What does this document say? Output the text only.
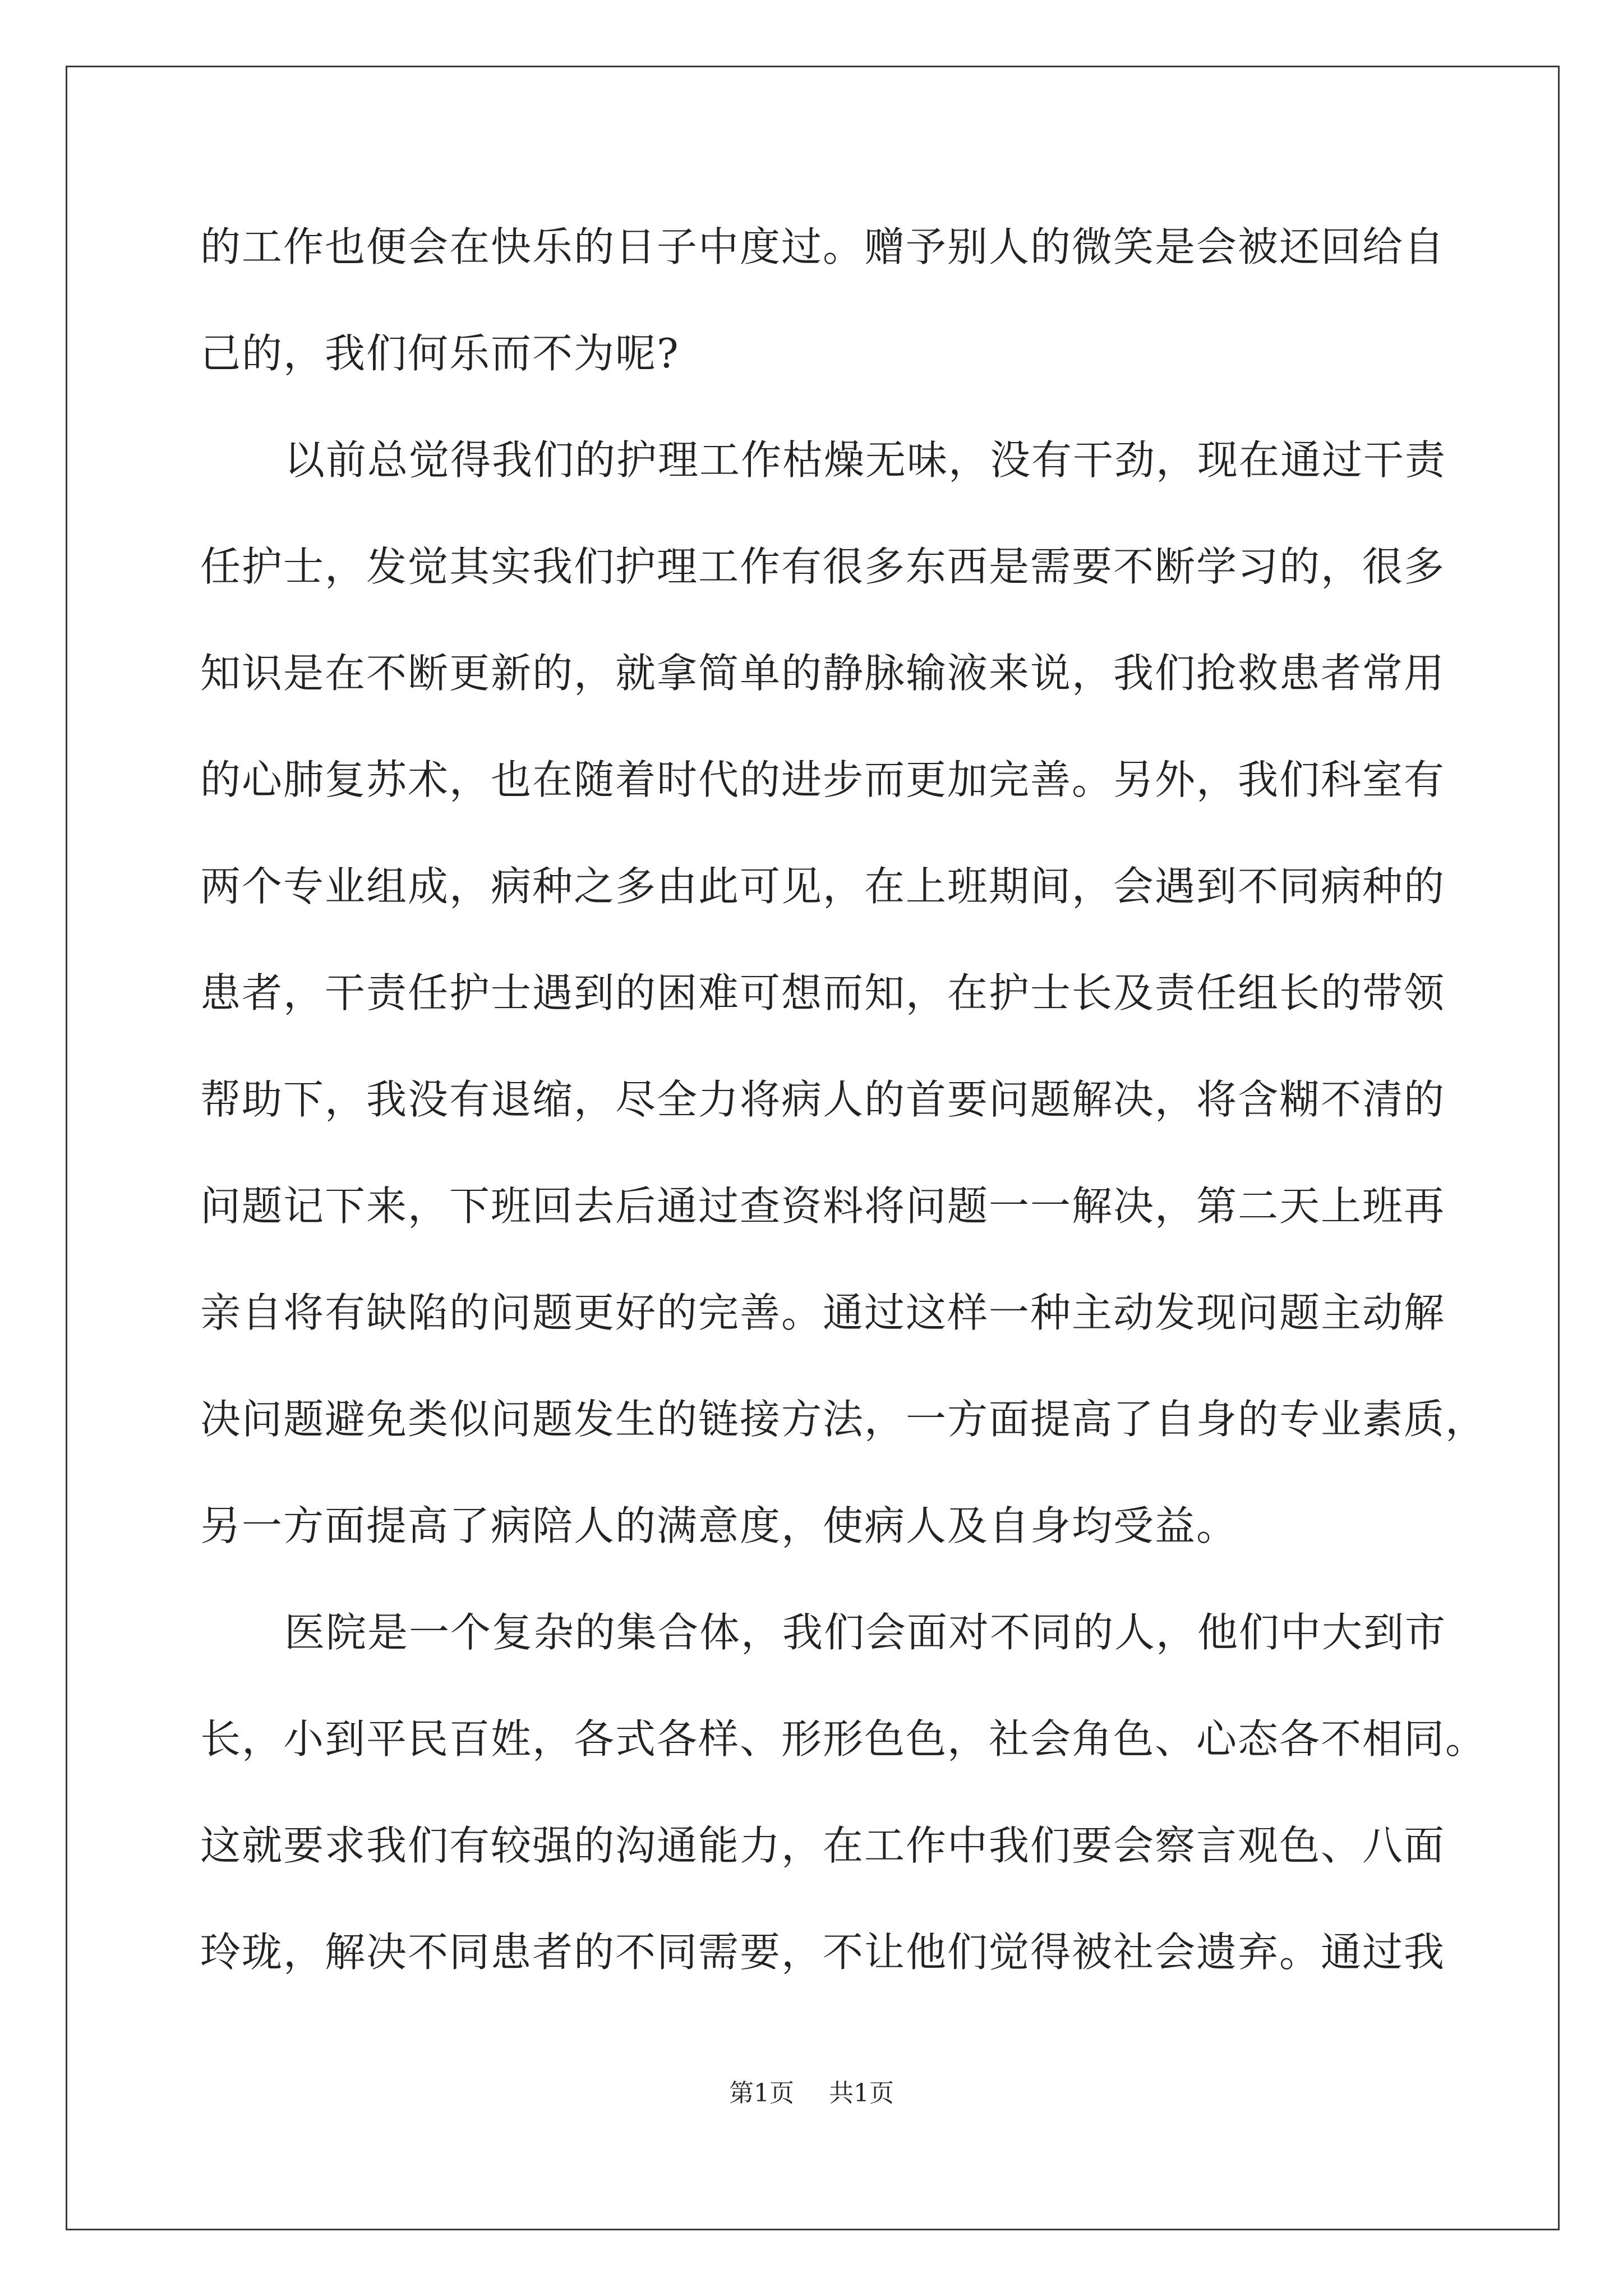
的工作也便会在快乐的日子中度过。赠予别人的微笑是会被还回给自
己的，我们何乐而不为呢?
以前总觉得我们的护理工作枯燥无味，没有干劲，现在通过干责
任护士，发觉其实我们护理工作有很多东西是需要不断学习的，很多
知识是在不断更新的，就拿简单的静脉输液来说，我们抢救患者常用
的心肺复苏术，也在随着时代的进步而更加完善。另外，我们科室有
两个专业组成，病种之多由此可见，在上班期间，会遇到不同病种的
患者，干责任护士遇到的困难可想而知，在护士长及责任组长的带领
帮助下，我没有退缩，尽全力将病人的首要问题解决，将含糊不清的
问题记下来，下班回去后通过查资料将问题一一解决，第二天上班再
亲自将有缺陷的问题更好的完善。通过这样一种主动发现问题主动解
决问题避免类似问题发生的链接方法，一方面提高了自身的专业素质，
另一方面提高了病陪人的满意度，使病人及自身均受益。
医院是一个复杂的集合体，我们会面对不同的人，他们中大到市
长，小到平民百姓，各式各样、形形色色，社会角色、心态各不相同。
这就要求我们有较强的沟通能力，在工作中我们要会察言观色、八面
玲珑，解决不同患者的不同需要，不让他们觉得被社会遗弃。通过我
第1页 共1页
